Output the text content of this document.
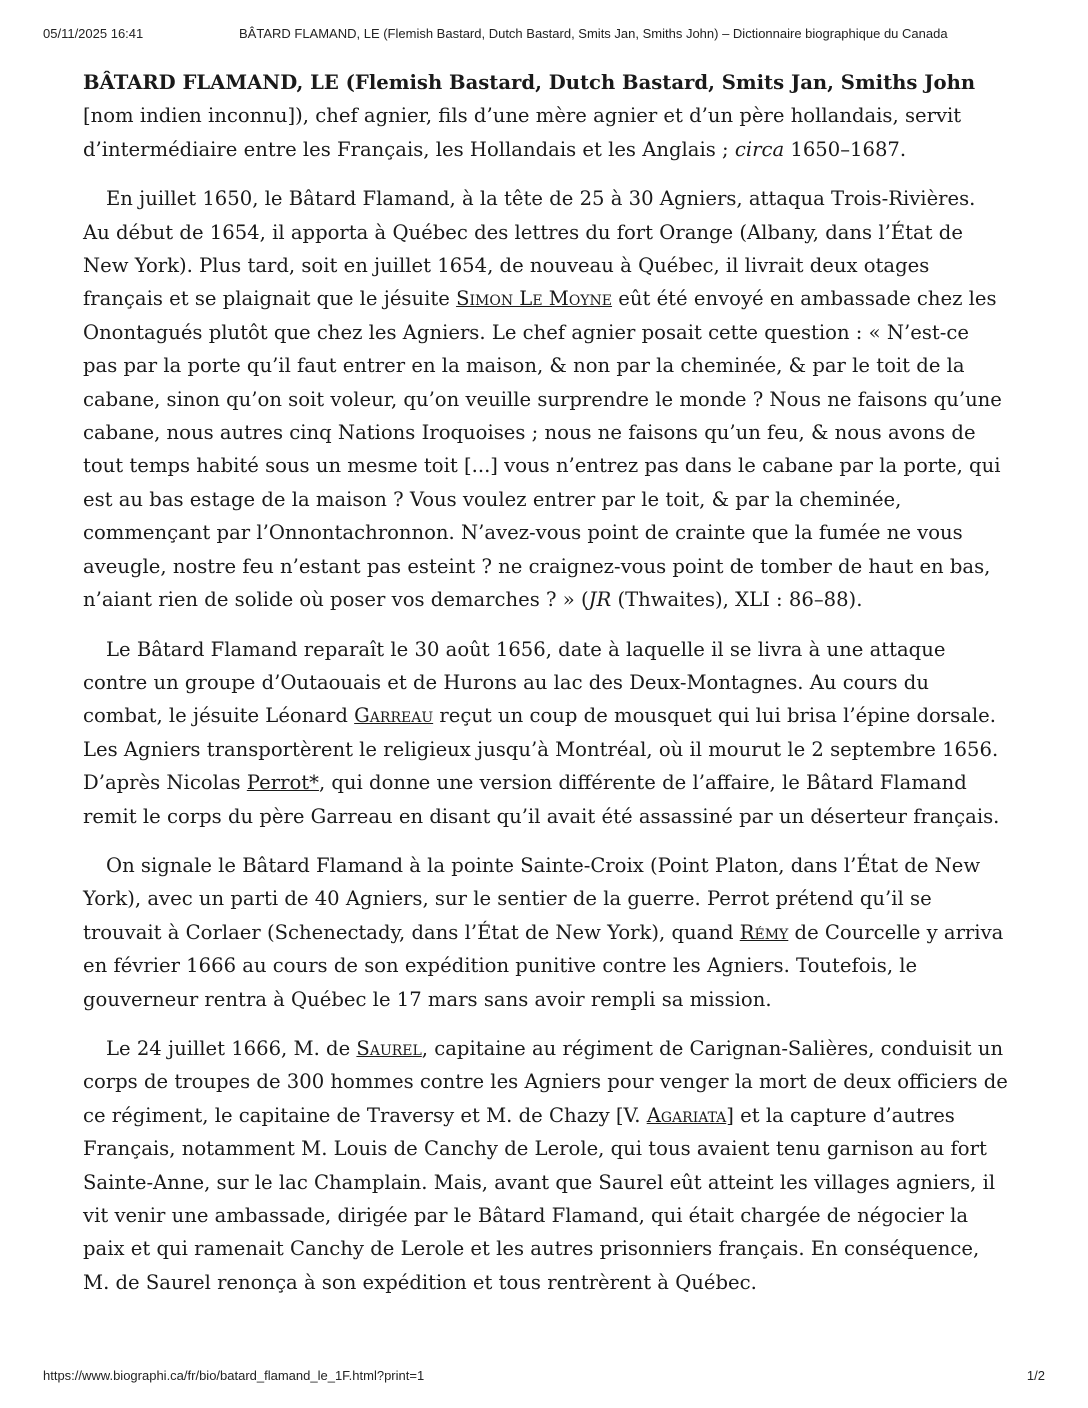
05/11/2025 16:41	BÂTARD FLAMAND, LE (Flemish Bastard, Dutch Bastard, Smits Jan, Smiths John) – Dictionnaire biographique du Canada

BÂTARD FLAMAND, LE (Flemish Bastard, Dutch Bastard, Smits Jan, Smiths John [nom indien inconnu]), chef agnier, fils d’une mère agnier et d’un père hollandais, servit d’intermédiaire entre les Français, les Hollandais et les Anglais ; circa 1650–1687.

En juillet 1650, le Bâtard Flamand, à la tête de 25 à 30 Agniers, attaqua Trois-Rivières. Au début de 1654, il apporta à Québec des lettres du fort Orange (Albany, dans l’État de New York). Plus tard, soit en juillet 1654, de nouveau à Québec, il livrait deux otages français et se plaignait que le jésuite Simon Le Moyne eût été envoyé en ambassade chez les Onontagués plutôt que chez les Agniers. Le chef agnier posait cette question : « N’est-ce pas par la porte qu’il faut entrer en la maison, & non par la cheminée, & par le toit de la cabane, sinon qu’on soit voleur, qu’on veuille surprendre le monde ? Nous ne faisons qu’une cabane, nous autres cinq Nations Iroquoises ; nous ne faisons qu’un feu, & nous avons de tout temps habité sous un mesme toit [...] vous n’entrez pas dans le cabane par la porte, qui est au bas estage de la maison ? Vous voulez entrer par le toit, & par la cheminée, commençant par l’Onnontachronnon. N’avez-vous point de crainte que la fumée ne vous aveugle, nostre feu n’estant pas esteint ? ne craignez-vous point de tomber de haut en bas, n’aiant rien de solide où poser vos demarches ? » (JR (Thwaites), XLI : 86–88).

Le Bâtard Flamand reparaît le 30 août 1656, date à laquelle il se livra à une attaque contre un groupe d’Outaouais et de Hurons au lac des Deux-Montagnes. Au cours du combat, le jésuite Léonard Garreau reçut un coup de mousquet qui lui brisa l’épine dorsale. Les Agniers transportèrent le religieux jusqu’à Montréal, où il mourut le 2 septembre 1656. D’après Nicolas Perrot*, qui donne une version différente de l’affaire, le Bâtard Flamand remit le corps du père Garreau en disant qu’il avait été assassiné par un déserteur français.

On signale le Bâtard Flamand à la pointe Sainte-Croix (Point Platon, dans l’État de New York), avec un parti de 40 Agniers, sur le sentier de la guerre. Perrot prétend qu’il se trouvait à Corlaer (Schenectady, dans l’État de New York), quand Rémy de Courcelle y arriva en février 1666 au cours de son expédition punitive contre les Agniers. Toutefois, le gouverneur rentra à Québec le 17 mars sans avoir rempli sa mission.

Le 24 juillet 1666, M. de Saurel, capitaine au régiment de Carignan-Salières, conduisit un corps de troupes de 300 hommes contre les Agniers pour venger la mort de deux officiers de ce régiment, le capitaine de Traversy et M. de Chazy [V. Agariata] et la capture d’autres Français, notamment M. Louis de Canchy de Lerole, qui tous avaient tenu garnison au fort Sainte-Anne, sur le lac Champlain. Mais, avant que Saurel eût atteint les villages agniers, il vit venir une ambassade, dirigée par le Bâtard Flamand, qui était chargée de négocier la paix et qui ramenait Canchy de Lerole et les autres prisonniers français. En conséquence, M. de Saurel renonça à son expédition et tous rentrèrent à Québec.

https://www.biographi.ca/fr/bio/batard_flamand_le_1F.html?print=1	1/2
